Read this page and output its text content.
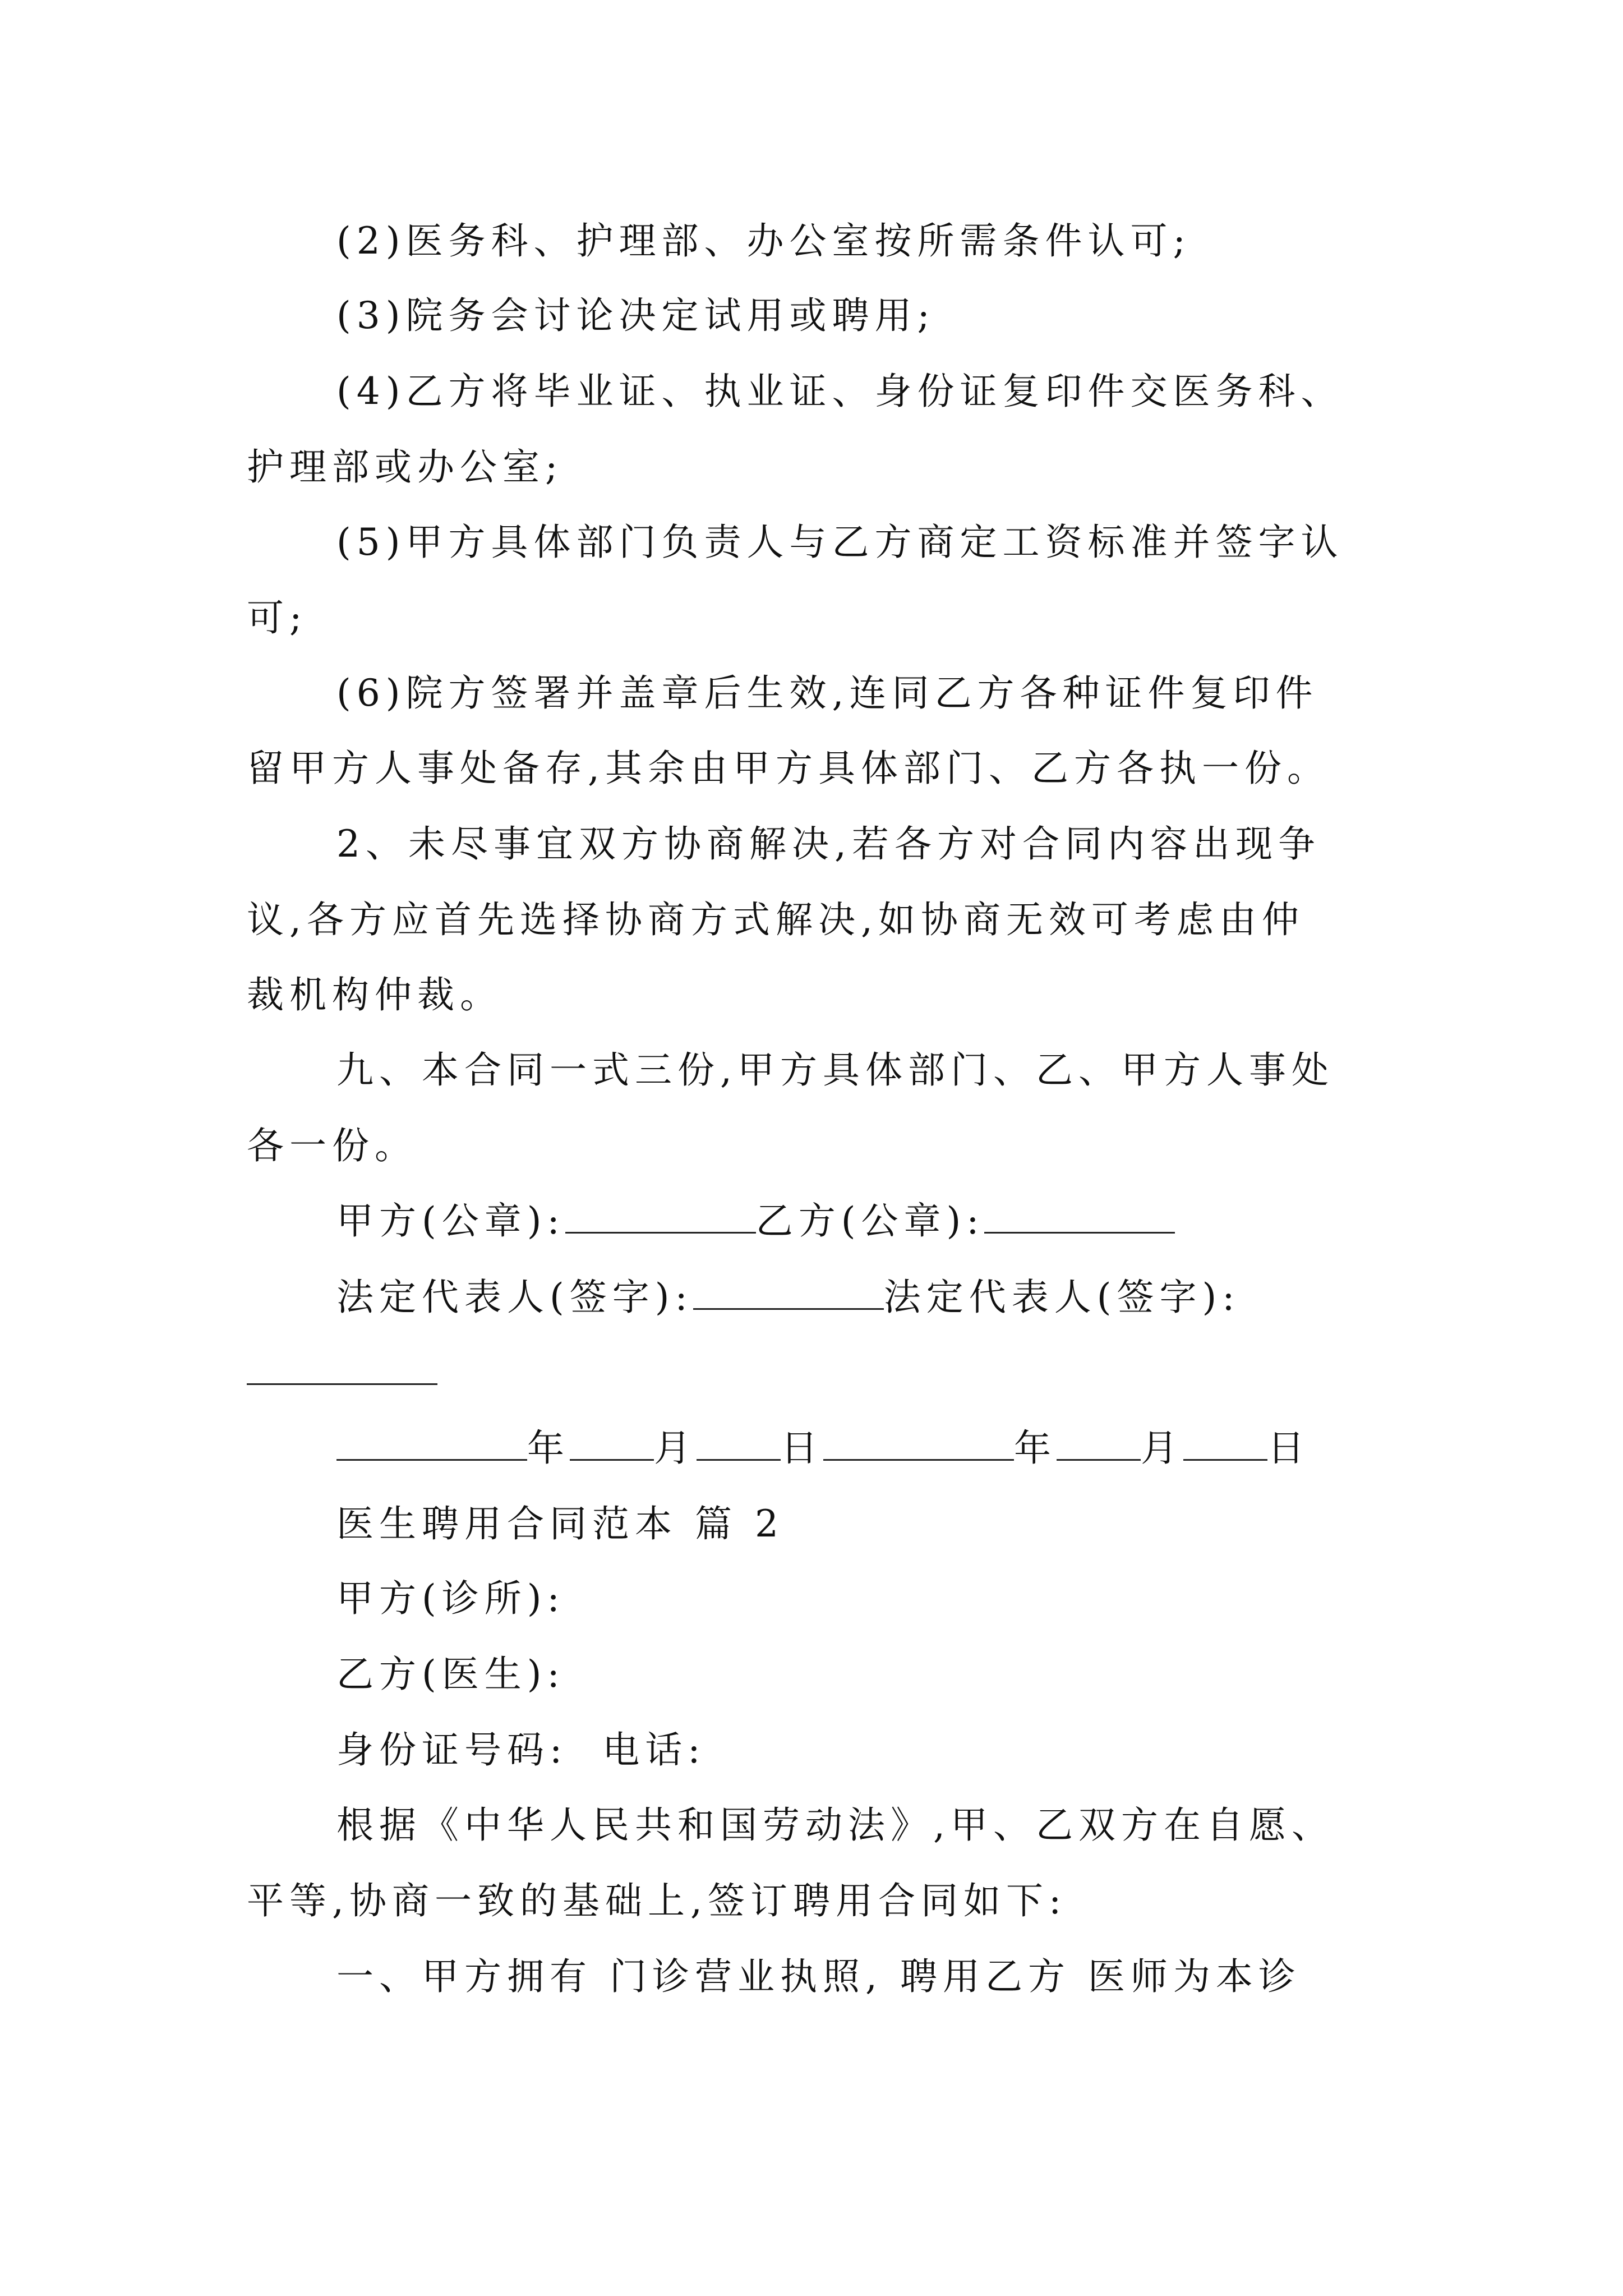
(2)医务科、护理部、办公室按所需条件认可;
(3)院务会讨论决定试用或聘用;
(4)乙方将毕业证、执业证、身份证复印件交医务科、
护理部或办公室;
(5)甲方具体部门负责人与乙方商定工资标准并签字认
可;
(6)院方签署并盖章后生效,连同乙方各种证件复印件
留甲方人事处备存,其余由甲方具体部门、乙方各执一份。
2、未尽事宜双方协商解决,若各方对合同内容出现争
议,各方应首先选择协商方式解决,如协商无效可考虑由仲
裁机构仲裁。
九、本合同一式三份,甲方具体部门、乙、甲方人事处
各一份。
甲方(公章):	乙方(公章):
法定代表人(签字):	法定代表人(签字):
年 月 日	年 月 日
医生聘用合同范本 篇 2
甲方(诊所):
乙方(医生):
身份证号码:  电话:
根据《中华人民共和国劳动法》,甲、乙双方在自愿、
平等,协商一致的基础上,签订聘用合同如下:
一、甲方拥有 门诊营业执照, 聘用乙方 医师为本诊
